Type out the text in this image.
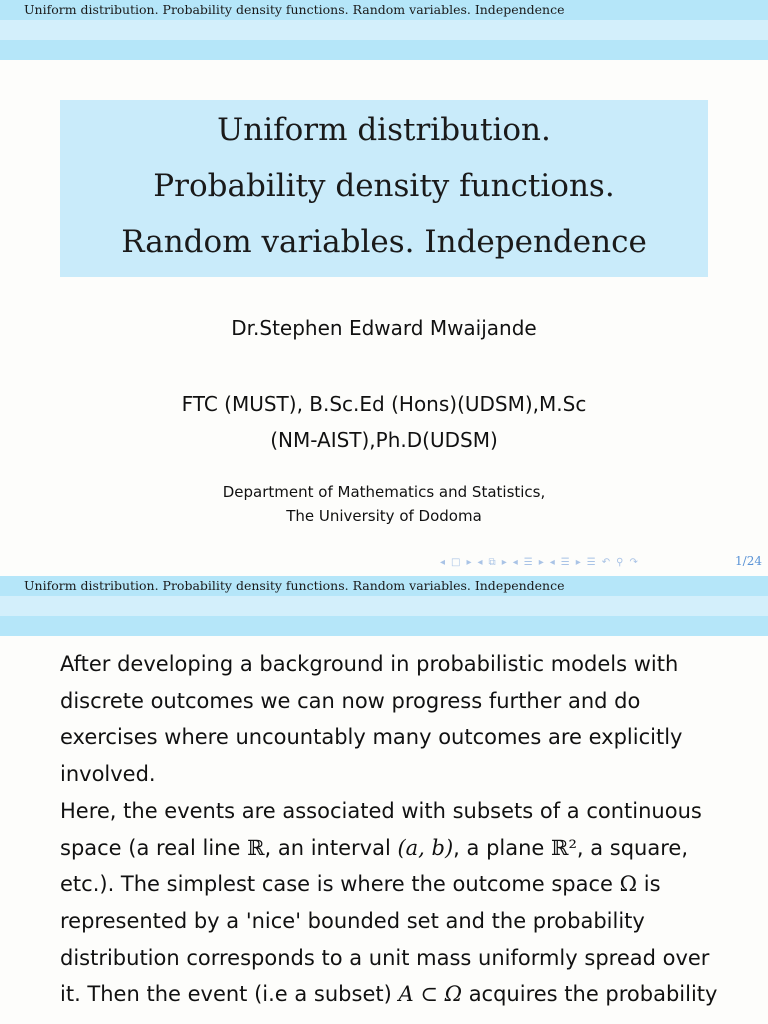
Uniform distribution. Probability density functions. Random variables. Independence
Uniform distribution.
Probability density functions.
Random variables. Independence
Dr.Stephen Edward Mwaijande
FTC (MUST), B.Sc.Ed (Hons)(UDSM),M.Sc
(NM-AIST),Ph.D(UDSM)
Department of Mathematics and Statistics,
The University of Dodoma
◂ □ ▸ ◂ ⧉ ▸ ◂ ☰ ▸ ◂ ☰ ▸ ☰ ↶ ⚲ ↷	1/24
Uniform distribution. Probability density functions. Random variables. Independence
After developing a background in probabilistic models with discrete outcomes we can now progress further and do exercises where uncountably many outcomes are explicitly involved.
Here, the events are associated with subsets of a continuous space (a real line ℝ, an interval (a, b), a plane ℝ², a square, etc.). The simplest case is where the outcome space Ω is represented by a 'nice' bounded set and the probability distribution corresponds to a unit mass uniformly spread over it. Then the event (i.e a subset) A ⊂ Ω acquires the probability
